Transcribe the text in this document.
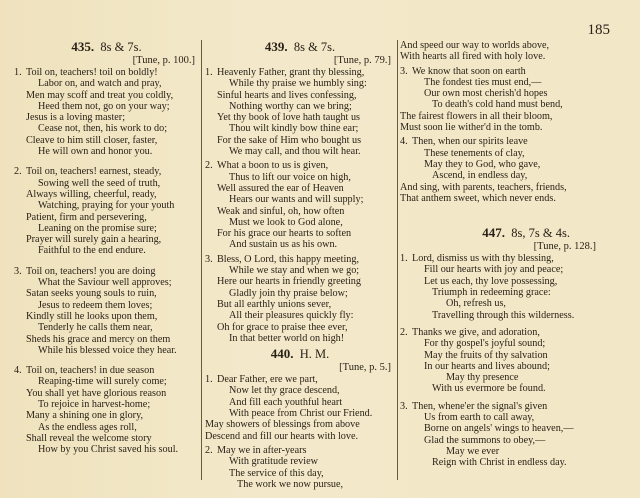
185
435. 8s & 7s.
[Tune, p. 100.]
1. Toil on, teachers! toil on boldly!
Labor on, and watch and pray,
Men may scoff and treat you coldly,
Heed them not, go on your way;
Jesus is a loving master;
Cease not, then, his work to do;
Cleave to him still closer, faster,
He will own and honor you.
2. Toil on, teachers! earnest, steady,
Sowing well the seed of truth,
Always willing, cheerful, ready,
Watching, praying for your youth
Patient, firm and persevering,
Leaning on the promise sure;
Prayer will surely gain a hearing,
Faithful to the end endure.
3. Toil on, teachers! you are doing
What the Saviour well approves;
Satan seeks young souls to ruin,
Jesus to redeem them loves;
Kindly still he looks upon them,
Tenderly he calls them near,
Sheds his grace and mercy on them
While his blessed voice they hear.
4. Toil on, teachers! in due season
Reaping-time will surely come;
You shall yet have glorious reason
To rejoice in harvest-home;
Many a shining one in glory,
As the endless ages roll,
Shall reveal the welcome story
How by you Christ saved his soul.
439. 8s & 7s.
[Tune, p. 79.]
1. Heavenly Father, grant thy blessing,
While thy praise we humbly sing:
Sinful hearts and lives confessing,
Nothing worthy can we bring;
Yet thy book of love hath taught us
Thou wilt kindly bow thine ear;
For the sake of Him who bought us
We may call, and thou wilt hear.
2. What a boon to us is given,
Thus to lift our voice on high,
Well assured the ear of Heaven
Hears our wants and will supply;
Weak and sinful, oh, how often
Must we look to God alone,
For his grace our hearts to soften
And sustain us as his own.
3. Bless, O Lord, this happy meeting,
While we stay and when we go;
Here our hearts in friendly greeting
Gladly join thy praise below;
But all earthly unions sever,
All their pleasures quickly fly:
Oh for grace to praise thee ever,
In that better world on high!
440. H. M.
[Tune, p. 5.]
1. Dear Father, ere we part,
Now let thy grace descend,
And fill each youthful heart
With peace from Christ our Friend.
May showers of blessings from above
Descend and fill our hearts with love.
2. May we in after-years
With gratitude review
The service of this day,
The work we now pursue,
And speed our way to worlds above,
With hearts all fired with holy love.
3. We know that soon on earth
The fondest ties must end,—
Our own most cherish'd hopes
To death's cold hand must bend,
The fairest flowers in all their bloom,
Must soon lie wither'd in the tomb.
4. Then, when our spirits leave
These tenements of clay,
May they to God, who gave,
Ascend, in endless day,
And sing, with parents, teachers, friends,
That anthem sweet, which never ends.
447. 8s, 7s & 4s.
[Tune, p. 128.]
1. Lord, dismiss us with thy blessing,
Fill our hearts with joy and peace;
Let us each, thy love possessing,
Triumph in redeeming grace:
Oh, refresh us,
Travelling through this wilderness.
2. Thanks we give, and adoration,
For thy gospel's joyful sound;
May the fruits of thy salvation
In our hearts and lives abound;
May thy presence
With us evermore be found.
3. Then, whene'er the signal's given
Us from earth to call away,
Borne on angels' wings to heaven,—
Glad the summons to obey,—
May we ever
Reign with Christ in endless day.
